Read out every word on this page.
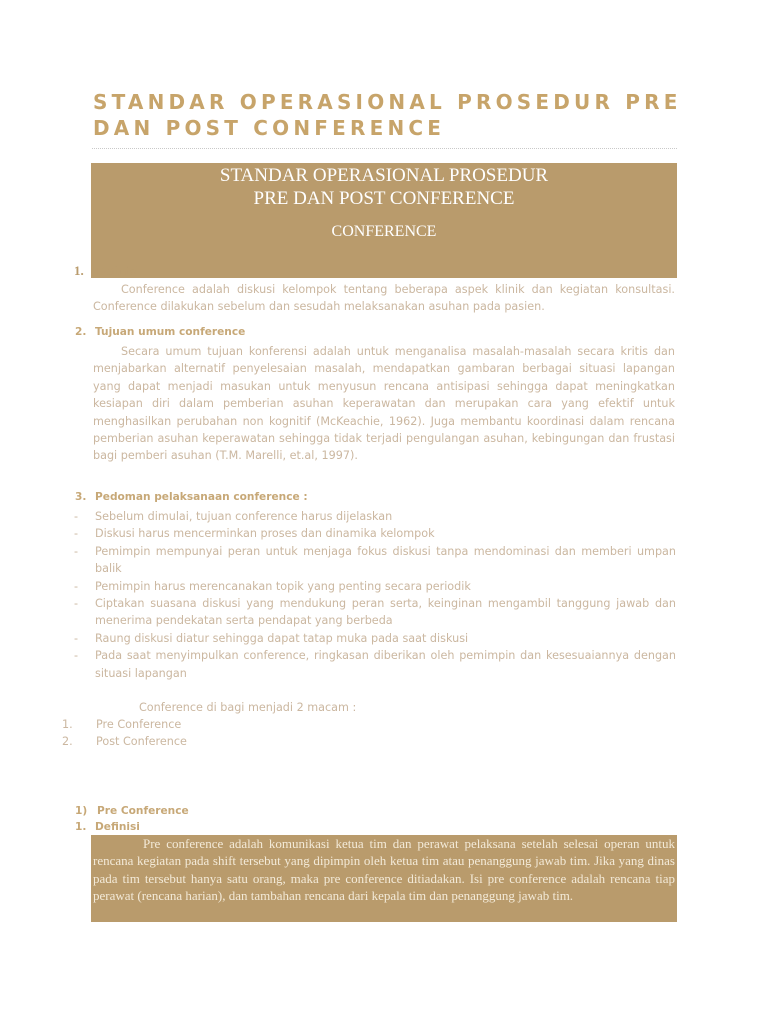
STANDAR OPERASIONAL PROSEDUR PRE DAN POST CONFERENCE
STANDAR OPERASIONAL PROSEDUR
PRE DAN POST CONFERENCE
CONFERENCE
1. Definisi
Conference adalah diskusi kelompok tentang beberapa aspek klinik dan kegiatan konsultasi. Conference dilakukan sebelum dan sesudah melaksanakan asuhan pada pasien.
2. Tujuan umum conference
Secara umum tujuan konferensi adalah untuk menganalisa masalah-masalah secara kritis dan menjabarkan alternatif penyelesaian masalah, mendapatkan gambaran berbagai situasi lapangan yang dapat menjadi masukan untuk menyusun rencana antisipasi sehingga dapat meningkatkan kesiapan diri dalam pemberian asuhan keperawatan dan merupakan cara yang efektif untuk menghasilkan perubahan non kognitif (McKeachie, 1962). Juga membantu koordinasi dalam rencana pemberian asuhan keperawatan sehingga tidak terjadi pengulangan asuhan, kebingungan dan frustasi bagi pemberi asuhan (T.M. Marelli, et.al, 1997).
3. Pedoman pelaksanaan conference :
- Sebelum dimulai, tujuan conference harus dijelaskan
- Diskusi harus mencerminkan proses dan dinamika kelompok
- Pemimpin mempunyai peran untuk menjaga fokus diskusi tanpa mendominasi dan memberi umpan balik
- Pemimpin harus merencanakan topik yang penting secara periodik
- Ciptakan suasana diskusi yang mendukung peran serta, keinginan mengambil tanggung jawab dan menerima pendekatan serta pendapat yang berbeda
- Raung diskusi diatur sehingga dapat tatap muka pada saat diskusi
- Pada saat menyimpulkan conference, ringkasan diberikan oleh pemimpin dan kesesuaiannya dengan situasi lapangan
Conference di bagi menjadi 2 macam :
1. Pre Conference
2. Post Conference
1) Pre Conference
1. Definisi
Pre conference adalah komunikasi ketua tim dan perawat pelaksana setelah selesai operan untuk rencana kegiatan pada shift tersebut yang dipimpin oleh ketua tim atau penanggung jawab tim. Jika yang dinas pada tim tersebut hanya satu orang, maka pre conference ditiadakan. Isi pre conference adalah rencana tiap perawat (rencana harian), dan tambahan rencana dari kepala tim dan penanggung jawab tim.
